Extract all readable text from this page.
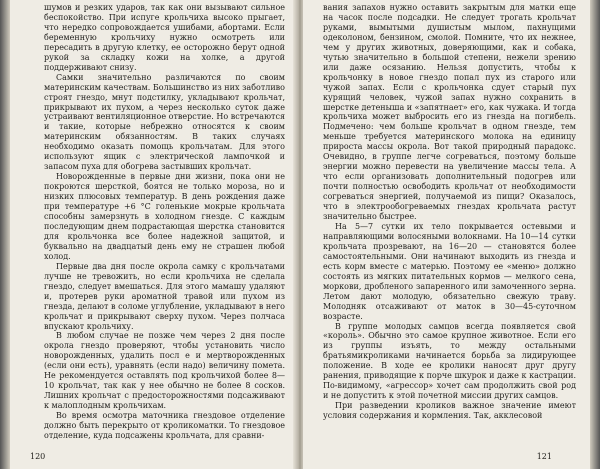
шумов и резких ударов, так как они вызывают сильное беспокойство. При испуге крольчиха высоко прыгает, что нередко сопровождается ушибами, абортами. Если беременную крольчиху нужно осмотреть или пересадить в другую клетку, ее осторожно берут одной рукой за складку кожи на холке, а другой поддерживают снизу.

Самки значительно различаются по своим материнским качествам. Большинство из них заботливо строят гнездо, мнут подстилку, укладывают крольчат, прикрывают их пухом, а через несколько суток даже устраивают вентиляционное отверстие. Но встречаются и такие, которые небрежно относятся к своим материнским обязанностям. В таких случаях необходимо оказать помощь крольчатам. Для этого используют ящик с электрической лампочкой и запасом пуха для обогрева застывших крольчат.

Новорожденные в первые дни жизни, пока они не покроются шерсткой, боятся не только мороза, но и низких плюсовых температур. В день рождения даже при температуре +6 °С голенькие мокрые крольчата способны замерзнуть в холодном гнезде. С каждым последующим днем подрастающая шерстка становится для крольчонка все более надежной защитой, и буквально на двадцатый день ему не страшен любой холод.

Первые два дня после окрола самку с крольчатами лучше не тревожить, но если крольчиха не сделала гнездо, следует вмешаться. Для этого мамашу удаляют и, протерев руки ароматной травой или пухом из гнезда, делают в соломе углубление, укладывают в него крольчат и прикрывают сверху пухом. Через полчаса впускают крольчиху.

В любом случае не позже чем через 2 дня после окрола гнездо проверяют, чтобы установить число новорожденных, удалить посл е и мертворожденных (если они есть), уравнять (если надо) величину помета. Не рекомендуется оставлять под крольчихой более 8—10 крольчат, так как у нее обычно не более 8 сосков. Лишних крольчат с предосторожностями подсаживают к малоплодным крольчихам.

Во время осмотра маточника гнездовое отделение должно быть перекрыто от кроликоматки. То гнездовое отделение, куда подсажены крольчата, для сравни-

120

вания запахов нужно оставить закрытым для матки еще на часок после подсадки. Не следует трогать крольчат руками, вымытыми душистым мылом, пахнущими одеколоном, бензином, смолой. Помните, что их нежнее, чем у других животных, доверяющими, как и собака, чутью значительно в большой степени, нежели зрению или даже осязанию. Нельзя допустить, чтобы к крольчонку в новое гнездо попал пух из старого или чужой запах. Если с крольчонка сдует старый пух курящий человек, чужой запах нужно сохранить в шерстке детеныша и «запятнает» его, как чужака. И тогда крольчиха может выбросить его из гнезда на погибель. Подмечено: чем больше крольчат в одном гнезде, тем меньше требуется материнского молока на единицу прироста массы окрола. Вот такой природный парадокс. Очевидно, в группе легче согреваться, поэтому больше энергии можно перевести на увеличение массы тела. А что если организовать дополнительный подогрев или почти полностью освободить крольчат от необходимости согреваться энергией, получаемой из пищи? Оказалось, что в электрообогреваемых гнездах крольчата растут значительно быстрее.

На 5—7 сутки их тело покрывается остевыми и направляющими волосяными волокнами. На 10—14 сутки крольчата прозревают, на 16—20 — становятся более самостоятельными. Они начинают выходить из гнезда и есть корм вместе с матерью. Поэтому ее «меню» должно состоять из мягких питательных кормов — мелкого сена, моркови, дробленого запаренного или замоченного зерна. Летом дают молодую, обязательно свежую траву. Молодняк отсаживают от маток в 30—45-суточном возрасте.

В группе молодых самцов всегда появляется свой «король». Обычно это самое крупное животное. Если его из группы изъять, то между остальными братьямикроликами начинается борьба за лидирующее положение. В ходе ее кролики наносят друг другу ранения, приводящие к порче шкурок и даже к кастрации. По-видимому, «агрессор» хочет сам продолжить свой род и не допустить к этой почетной миссии других самцов.

При разведении кроликов важное значение имеют условия содержания и кормления. Так, акклесовой

121
